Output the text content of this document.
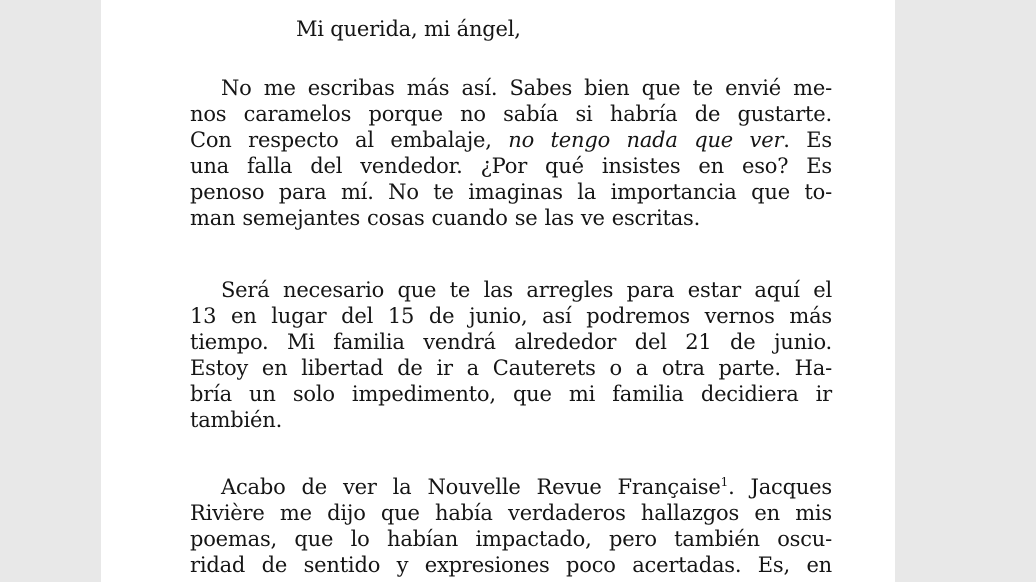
Mi querida, mi ángel,
No me escribas más así. Sabes bien que te envié me-
nos caramelos porque no sabía si habría de gustarte.
Con respecto al embalaje, no tengo nada que ver. Es
una falla del vendedor. ¿Por qué insistes en eso? Es
penoso para mí. No te imaginas la importancia que to-
man semejantes cosas cuando se las ve escritas.
Será necesario que te las arregles para estar aquí el
13 en lugar del 15 de junio, así podremos vernos más
tiempo. Mi familia vendrá alrededor del 21 de junio.
Estoy en libertad de ir a Cauterets o a otra parte. Ha-
bría un solo impedimento, que mi familia decidiera ir
también.
Acabo de ver la Nouvelle Revue Française$^1$. Jacques
Rivière me dijo que había verdaderos hallazgos en mis
poemas, que lo habían impactado, pero también oscu-
ridad de sentido y expresiones poco acertadas. Es, en
